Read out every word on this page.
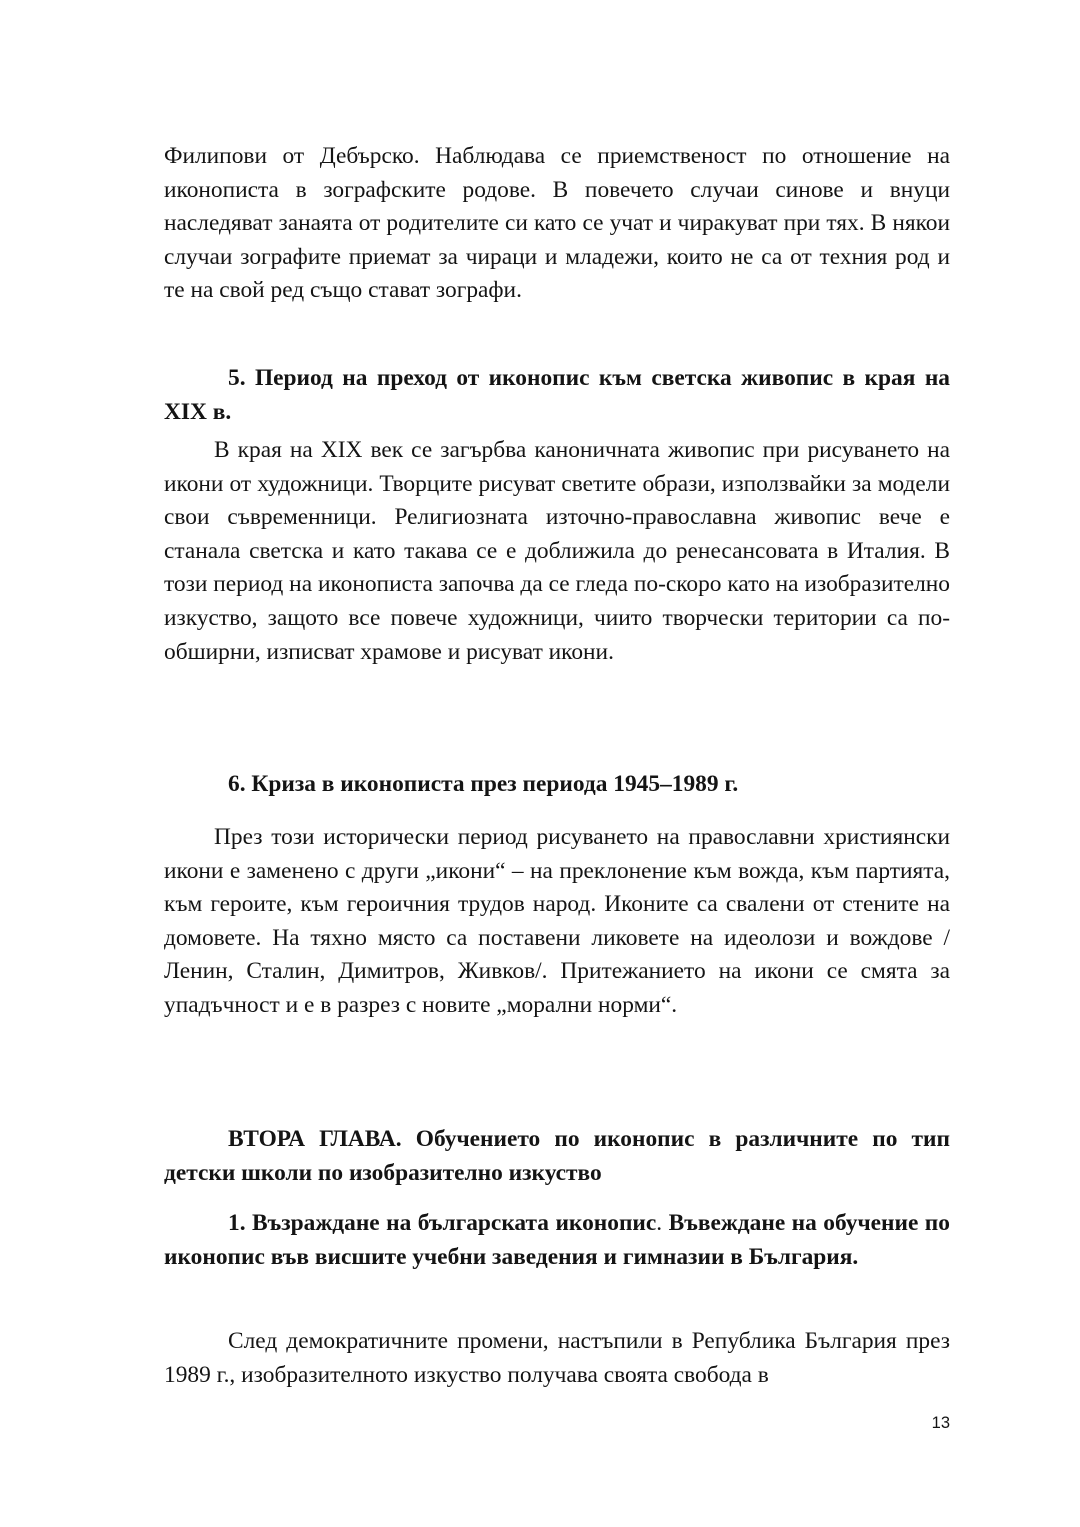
Филипови от Дебърско. Наблюдава се приемственост по отношение на иконописта в зографските родове. В повечето случаи синове и внуци наследяват занаята от родителите си като се учат и чиракуват при тях. В някои случаи зографите приемат за чираци и младежи, които не са от техния род и те на свой ред също стават зографи.

5. Период на преход от иконопис към светска живопис в края на XIX в.

В края на XIX век се загърбва каноничната живопис при рисуването на икони от художници. Творците рисуват светите образи, използвайки за модели свои съвременници. Религиозната източно-православна живопис вече е станала светска и като такава се е доближила до ренесансовата в Италия. В този период на иконописта започва да се гледа по-скоро като на изобразително изкуство, защото все повече художници, чиито творчески територии са по-обширни, изписват храмове и рисуват икони.

6. Криза в иконописта през периода 1945–1989 г.

През този исторически период рисуването на православни християнски икони е заменено с други „икони“ – на преклонение към вожда, към партията, към героите, към героичния трудов народ. Иконите са свалени от стените на домовете. На тяхно място са поставени ликовете на идеолози и вождове /Ленин, Сталин, Димитров, Живков/. Притежанието на икони се смята за упадъчност и е в разрез с новите „морални норми“.

ВТОРА ГЛАВА. Обучението по иконопис в различните по тип детски школи по изобразително изкуство

1. Възраждане на българската иконопис. Въвеждане на обучение по иконопис във висшите учебни заведения и гимназии в България.

След демократичните промени, настъпили в Република България през 1989 г., изобразителното изкуство получава своята свобода в

13
